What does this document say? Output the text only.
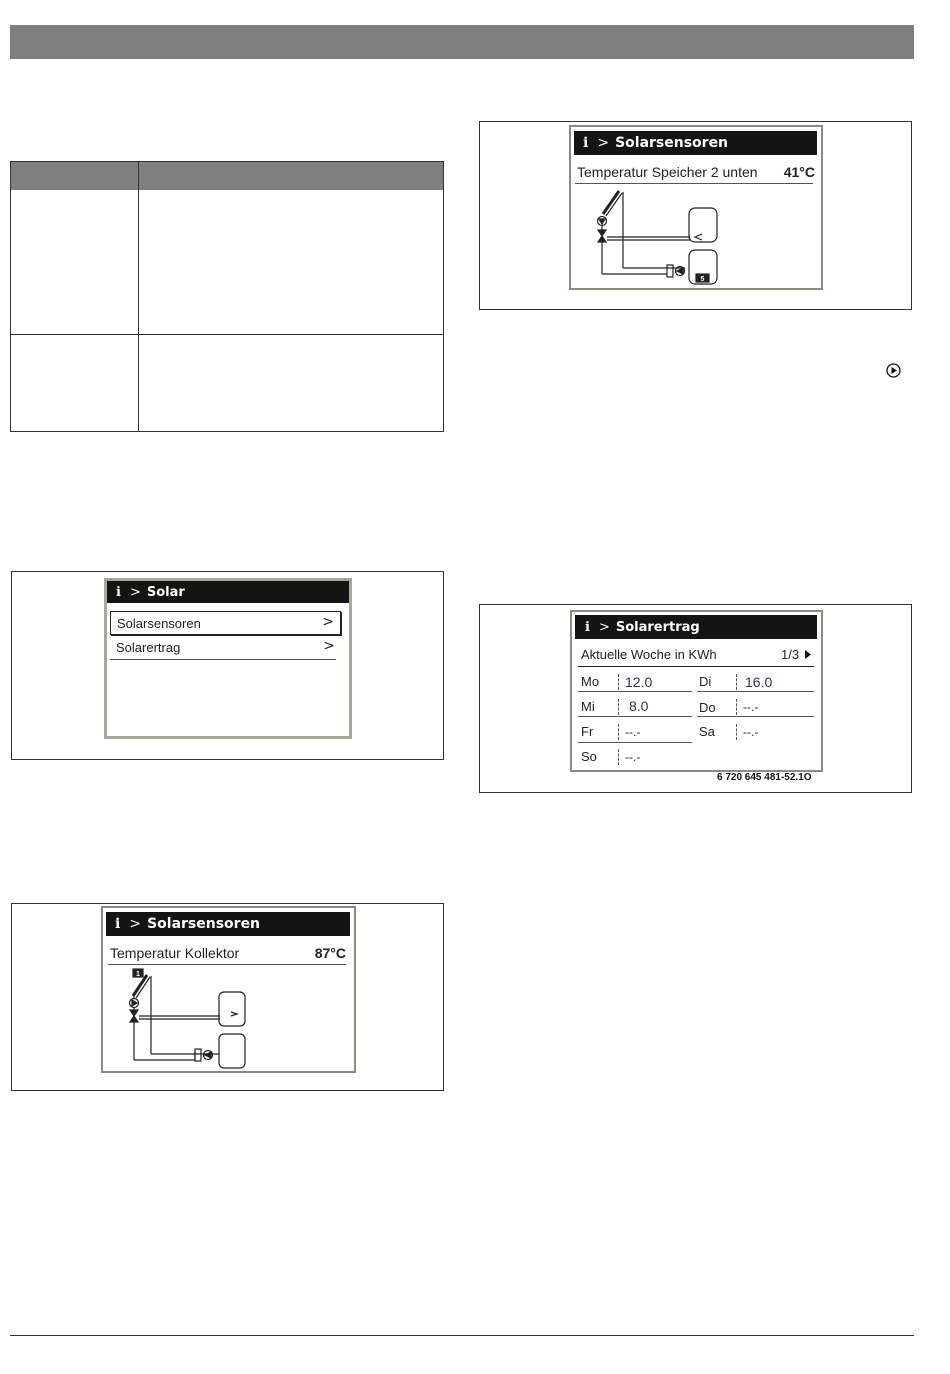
i > Solar
Solarsensoren	>
Solarertrag	>
i > Solarsensoren
Temperatur Kollektor	87°C
1
i > Solarsensoren
Temperatur Speicher 2 unten 41°C
5
i > Solarertrag
Aktuelle Woche in KWh	1/3
Mo 12.0	Di 16.0
Mi 8.0	Do --.-
Fr	--.-	Sa --.-
So --.-
6 720 645 481-52.1O
